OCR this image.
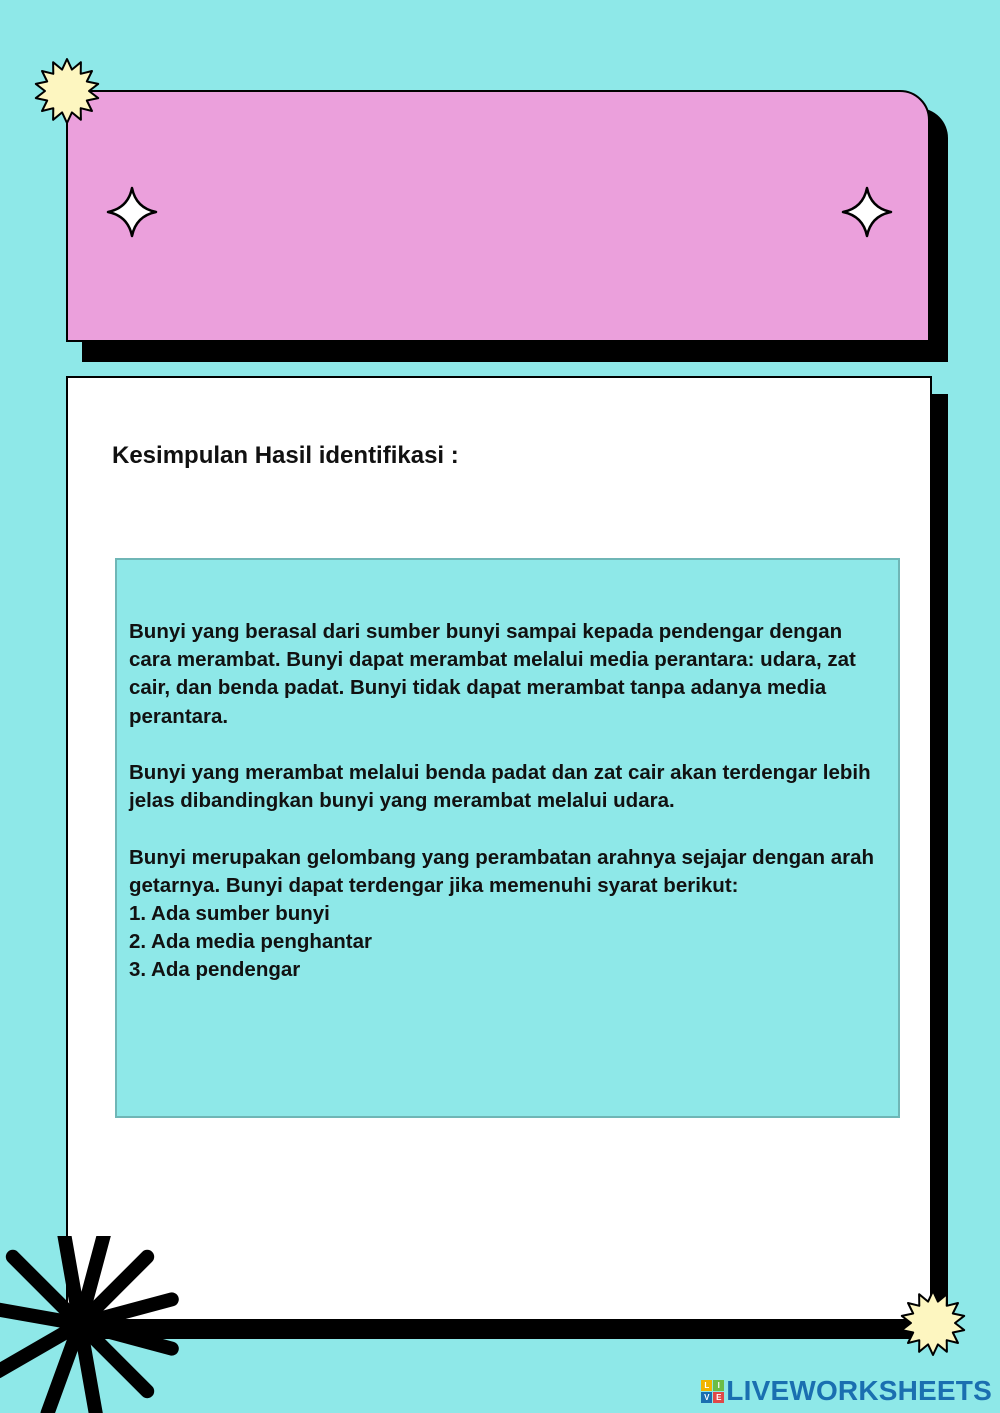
Kesimpulan Hasil identifikasi :

Bunyi yang berasal dari sumber bunyi sampai kepada pendengar dengan cara merambat. Bunyi dapat merambat melalui media perantara: udara, zat cair, dan benda padat. Bunyi tidak dapat merambat tanpa adanya media perantara.

Bunyi yang merambat melalui benda padat dan zat cair akan terdengar lebih jelas dibandingkan bunyi yang merambat melalui udara.

Bunyi merupakan gelombang yang perambatan arahnya sejajar dengan arah getarnya. Bunyi dapat terdengar jika memenuhi syarat berikut:

1. Ada sumber bunyi
2. Ada media penghantar
3. Ada pendengar
L	I
V E LIVEWORKSHEETS
